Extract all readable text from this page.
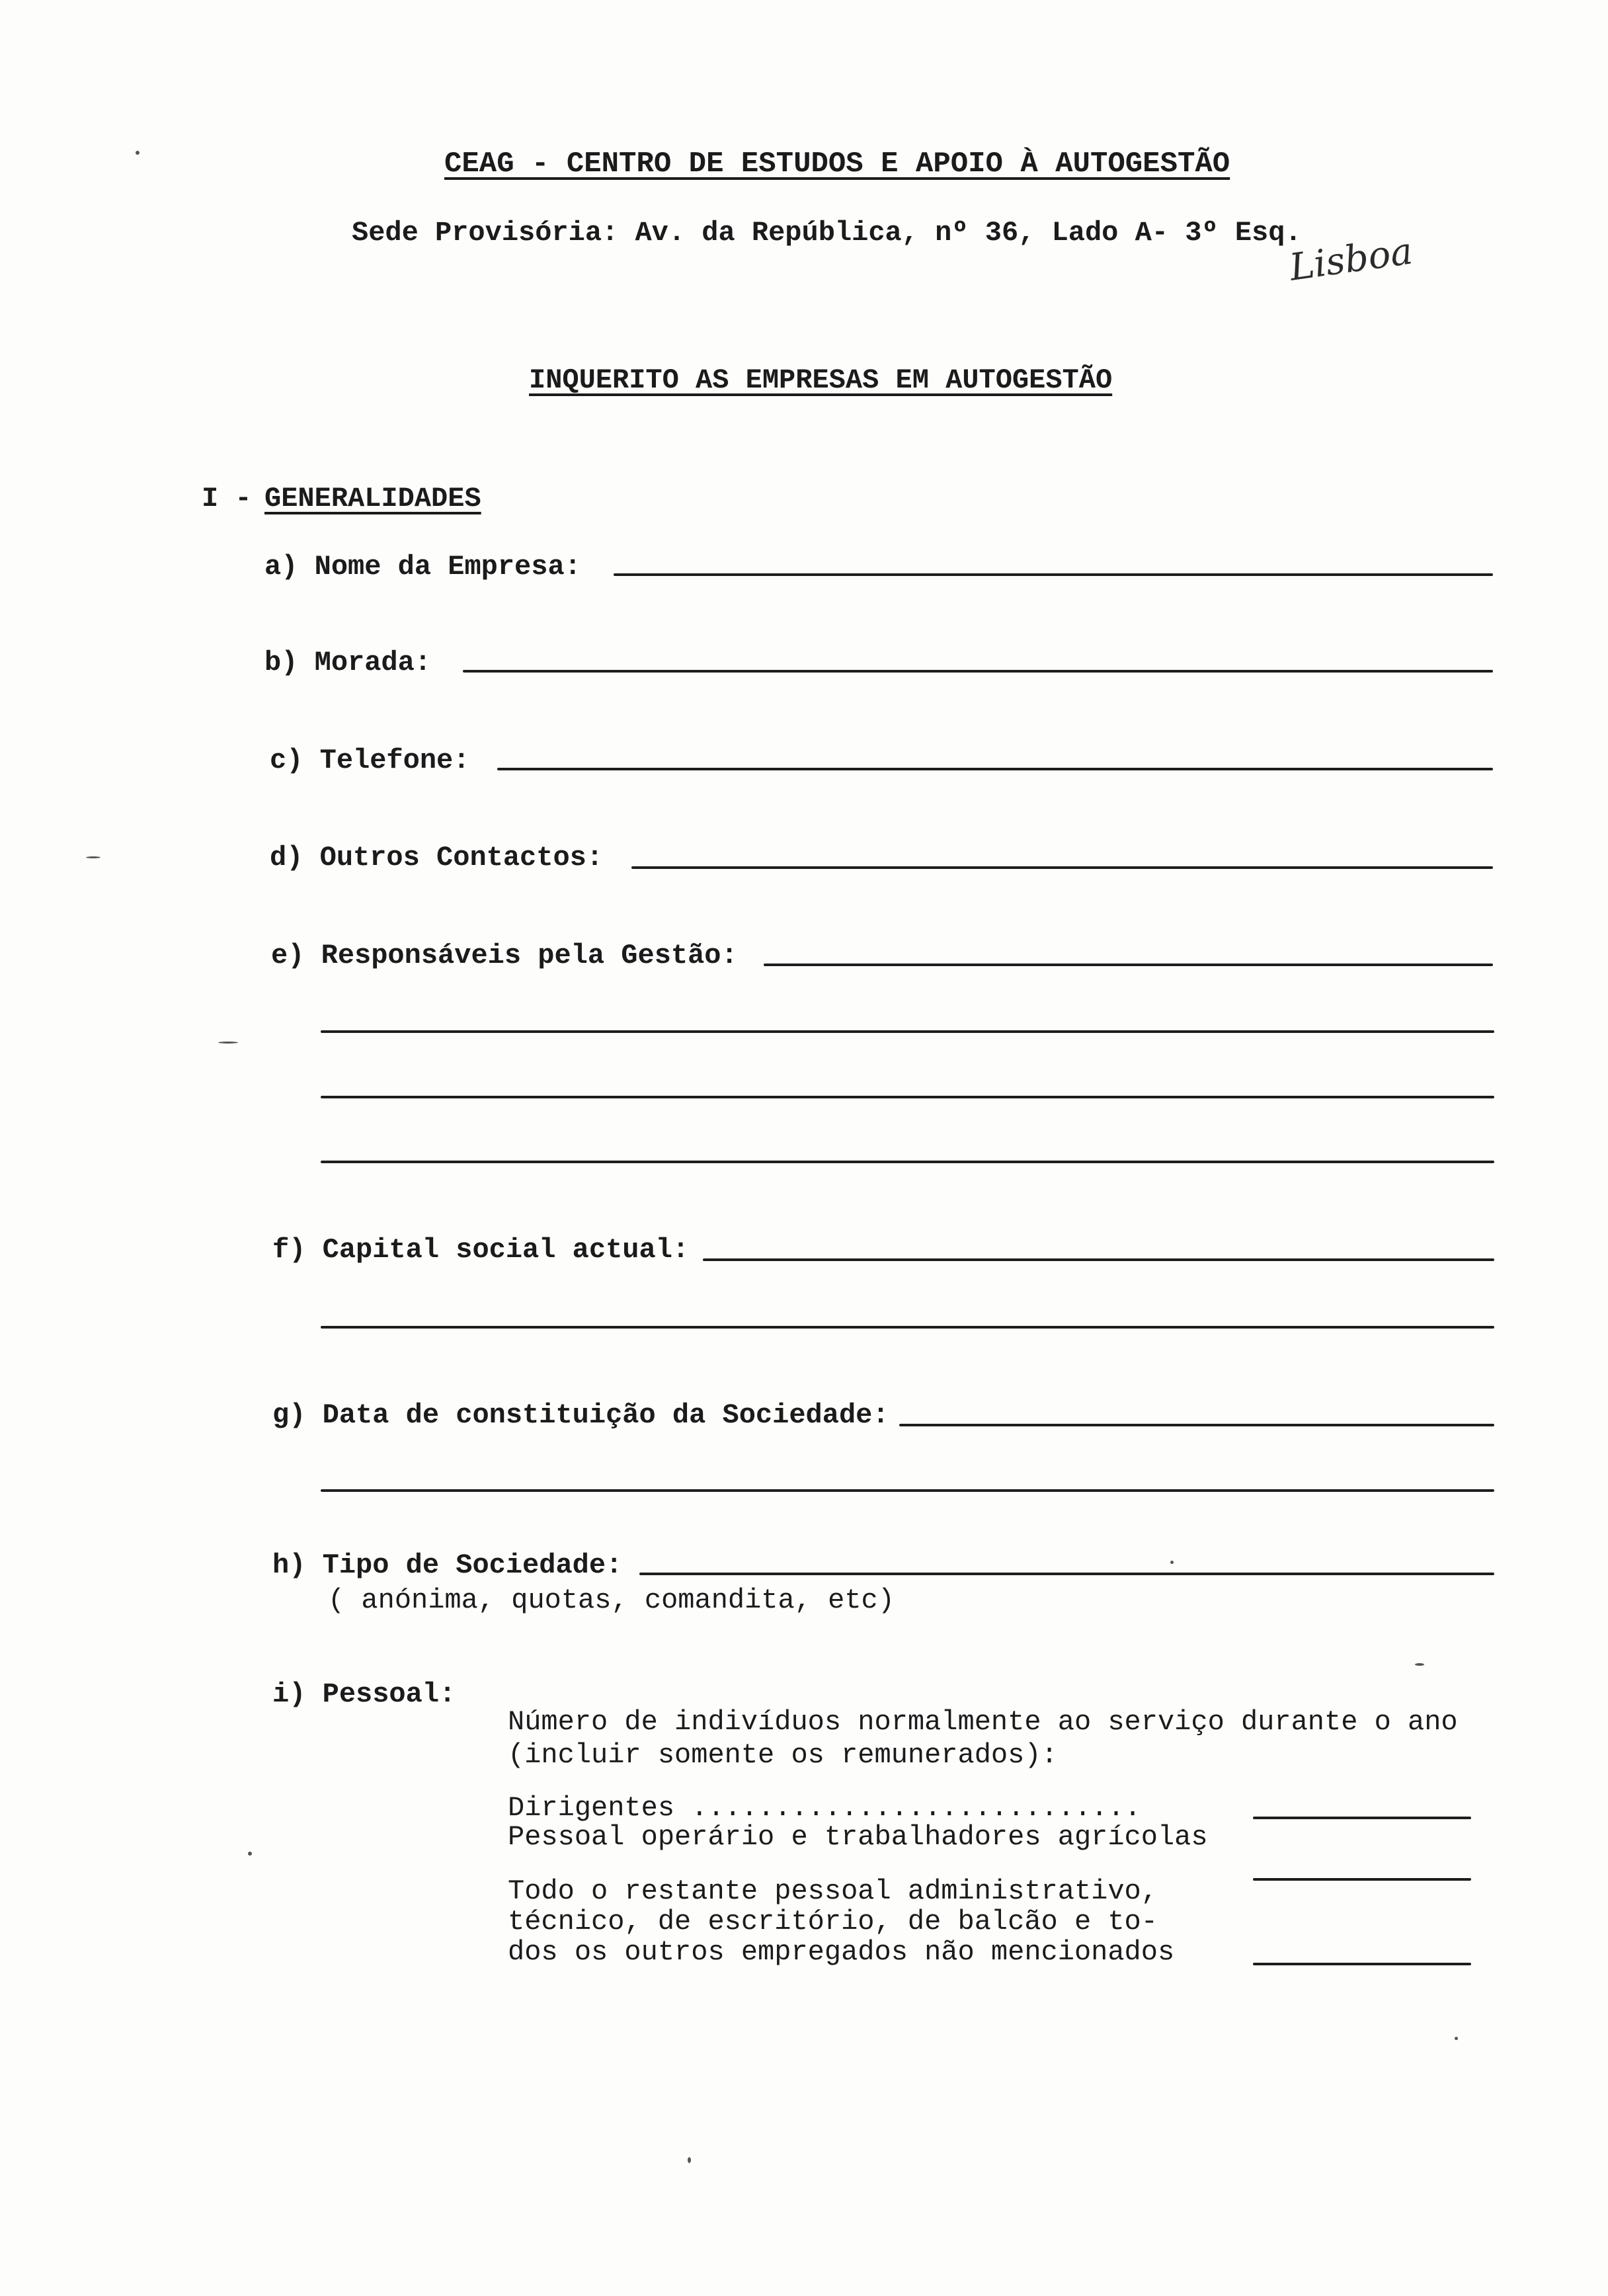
CEAG - CENTRO DE ESTUDOS E APOIO À AUTOGESTÃO
Sede Provisória: Av. da República, nº 36, Lado A- 3º Esq.
Lisboa
INQUERITO AS EMPRESAS EM AUTOGESTÃO
I - GENERALIDADES
a) Nome da Empresa:
b) Morada:
c) Telefone:
d) Outros Contactos:
e) Responsáveis pela Gestão:
f) Capital social actual:
g) Data de constituição da Sociedade:
h) Tipo de Sociedade:
( anónima, quotas, comandita, etc)
i) Pessoal:
Número de indivíduos normalmente ao serviço durante o ano
(incluir somente os remunerados):
Dirigentes ...........................
Pessoal operário e trabalhadores agrícolas
Todo o restante pessoal administrativo,
técnico, de escritório, de balcão e to-
dos os outros empregados não mencionados
